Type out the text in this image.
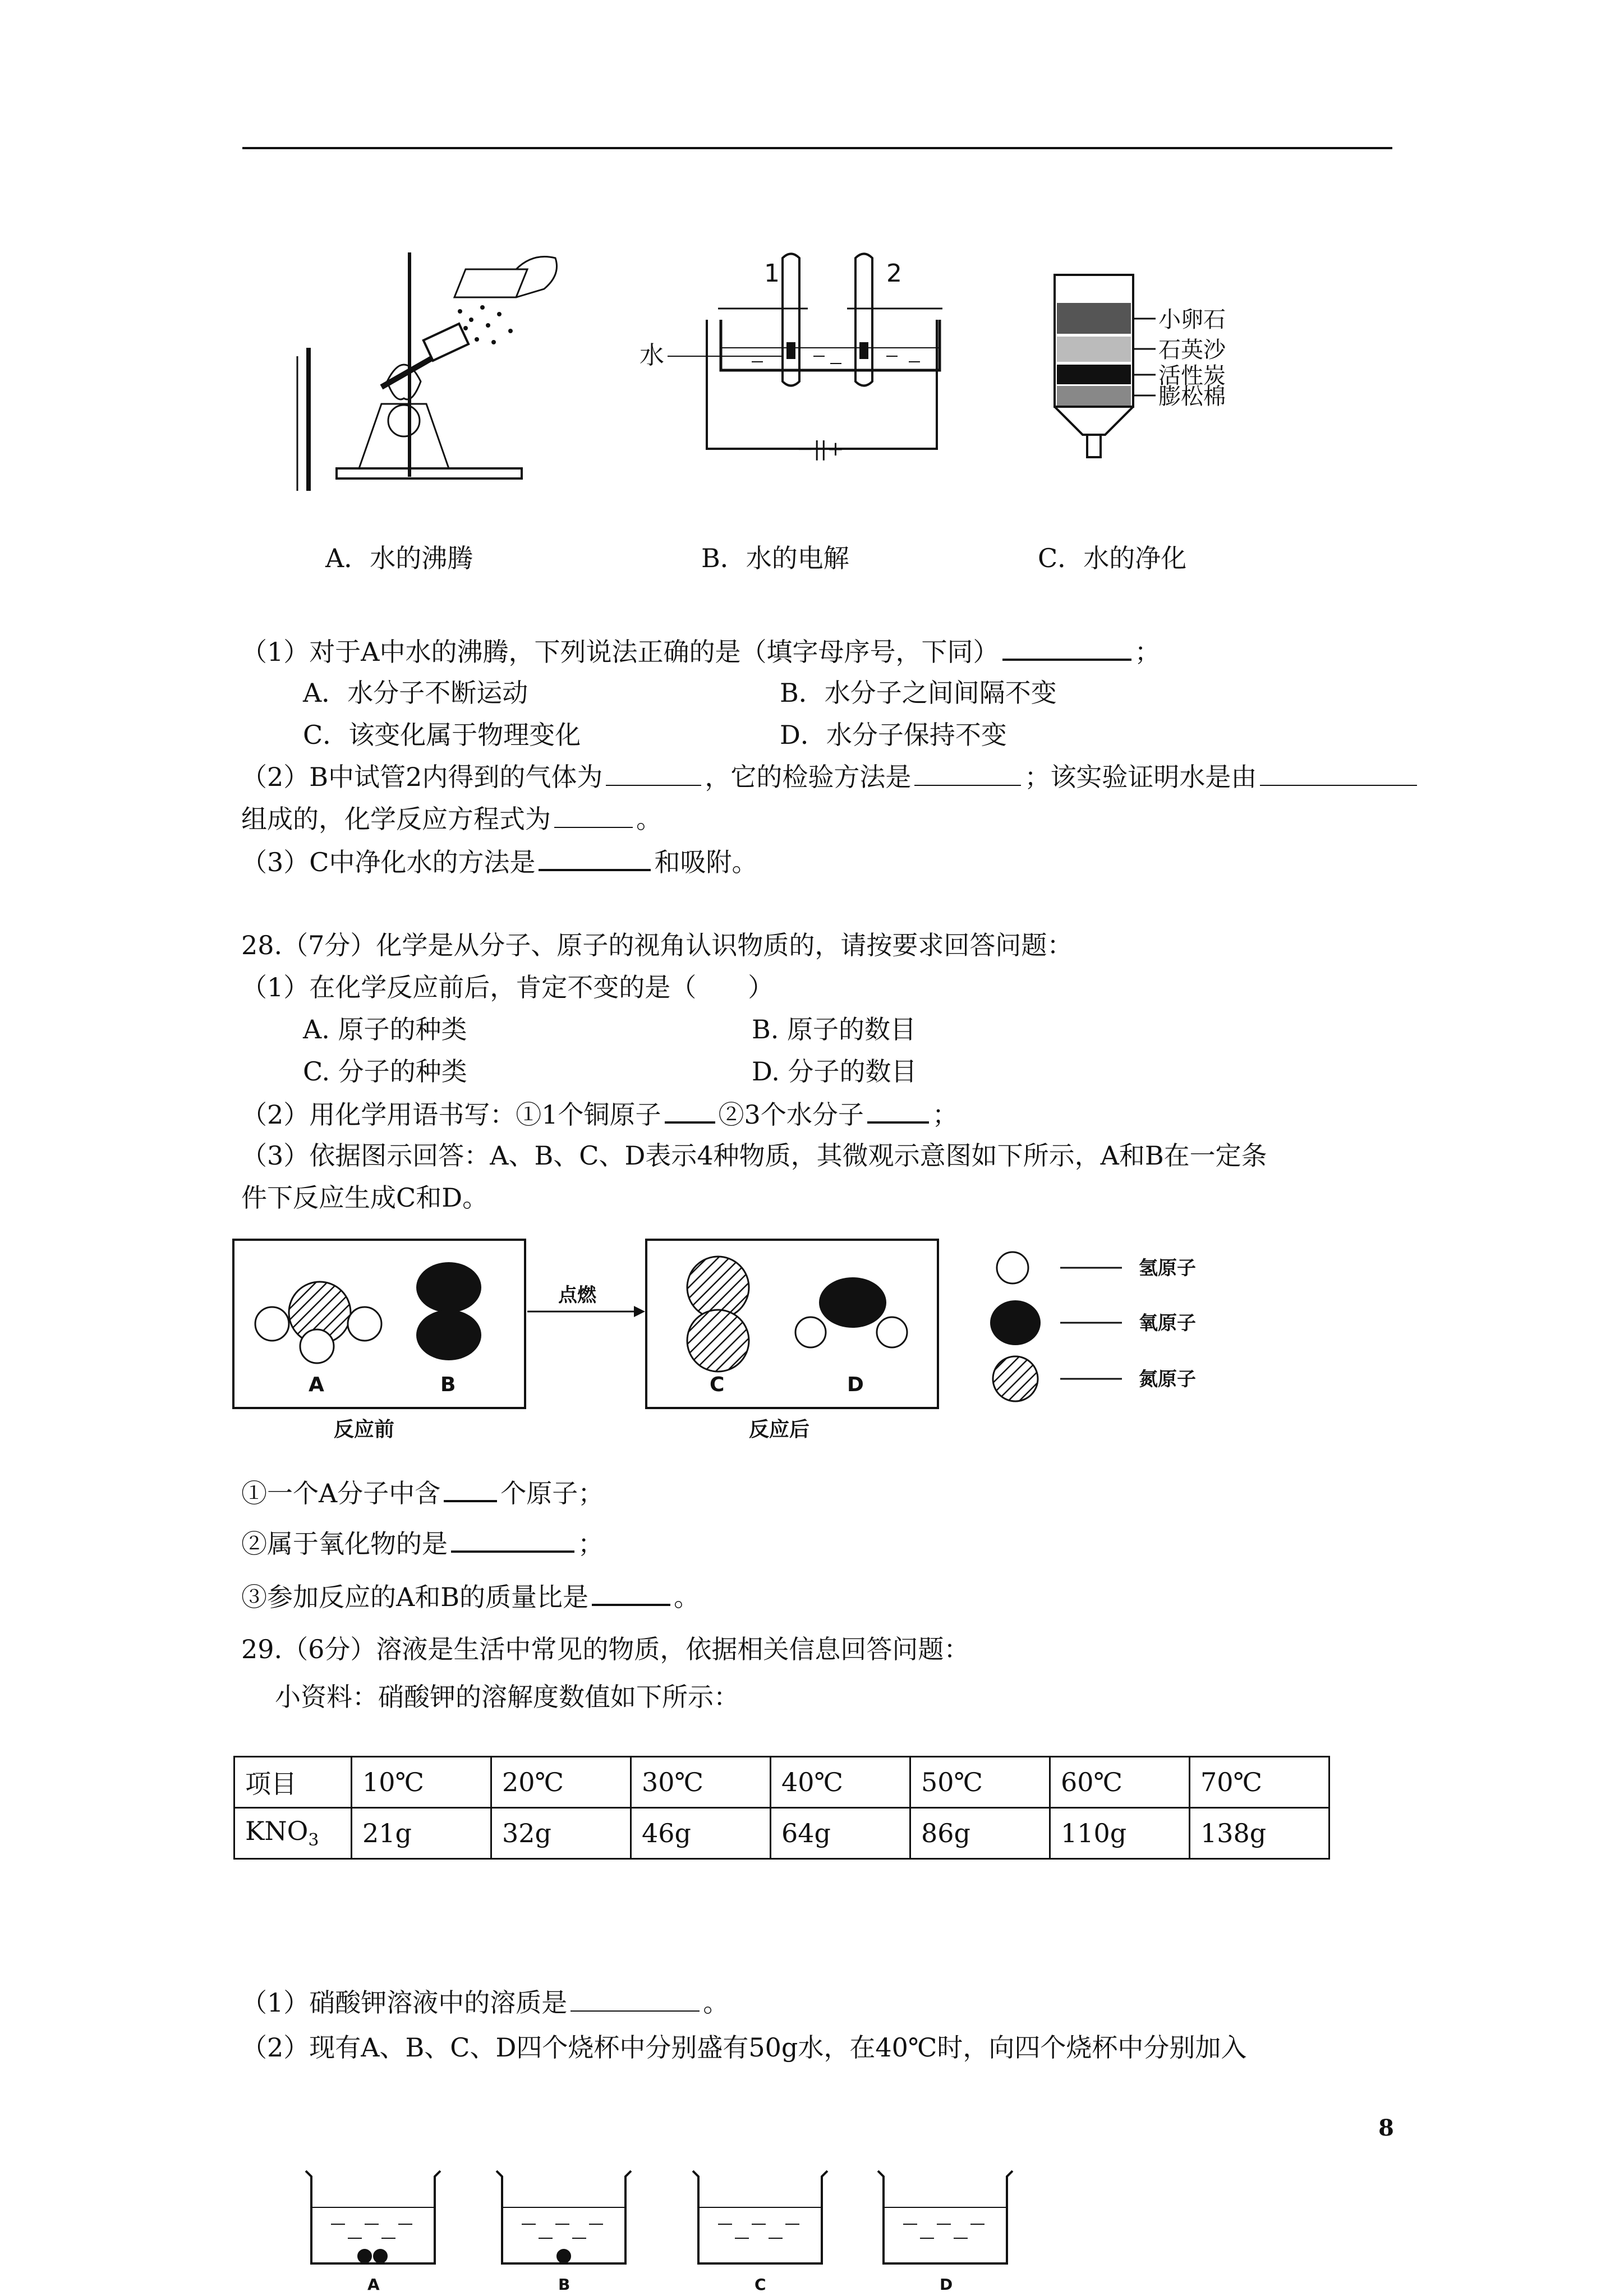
1	2
水
−||+
小卵石
石英沙
活性炭
膨松棉
A．水的沸腾	B．水的电解	C．水的净化
（1）对于A中水的沸腾，下列说法正确的是（填字母序号，下同）	；
A．水分子不断运动	B．水分子之间间隔不变
C．该变化属于物理变化	D．水分子保持不变
（2）B中试管2内得到的气体为	，它的检验方法是	；该实验证明水是由
组成的，化学反应方程式为	。
（3）C中净化水的方法是	和吸附。
28.（7分）化学是从分子、原子的视角认识物质的，请按要求回答问题：
（1）在化学反应前后，肯定不变的是（　　）
A. 原子的种类	B. 原子的数目
C. 分子的种类	D. 分子的数目
（2）用化学用语书写：①1个铜原子 ②3个水分子	；
（3）依据图示回答：A、B、C、D表示4种物质，其微观示意图如下所示，A和B在一定条
件下反应生成C和D。
A	B
反应前
点燃
C	D
反应后
氢原子
氧原子
氮原子
①一个A分子中含 个原子；
②属于氧化物的是	；
③参加反应的A和B的质量比是	。
29.（6分）溶液是生活中常见的物质，依据相关信息回答问题：
小资料：硝酸钾的溶解度数值如下所示：
项目	10℃	20℃	30℃	40℃	50℃	60℃	70℃
$KNO_3$	21g	32g	46g	64g	86g	110g	138g
（1）硝酸钾溶液中的溶质是	。
（2）现有A、B、C、D四个烧杯中分别盛有50g水，在40℃时，向四个烧杯中分别加入
8
A	B	C	D
